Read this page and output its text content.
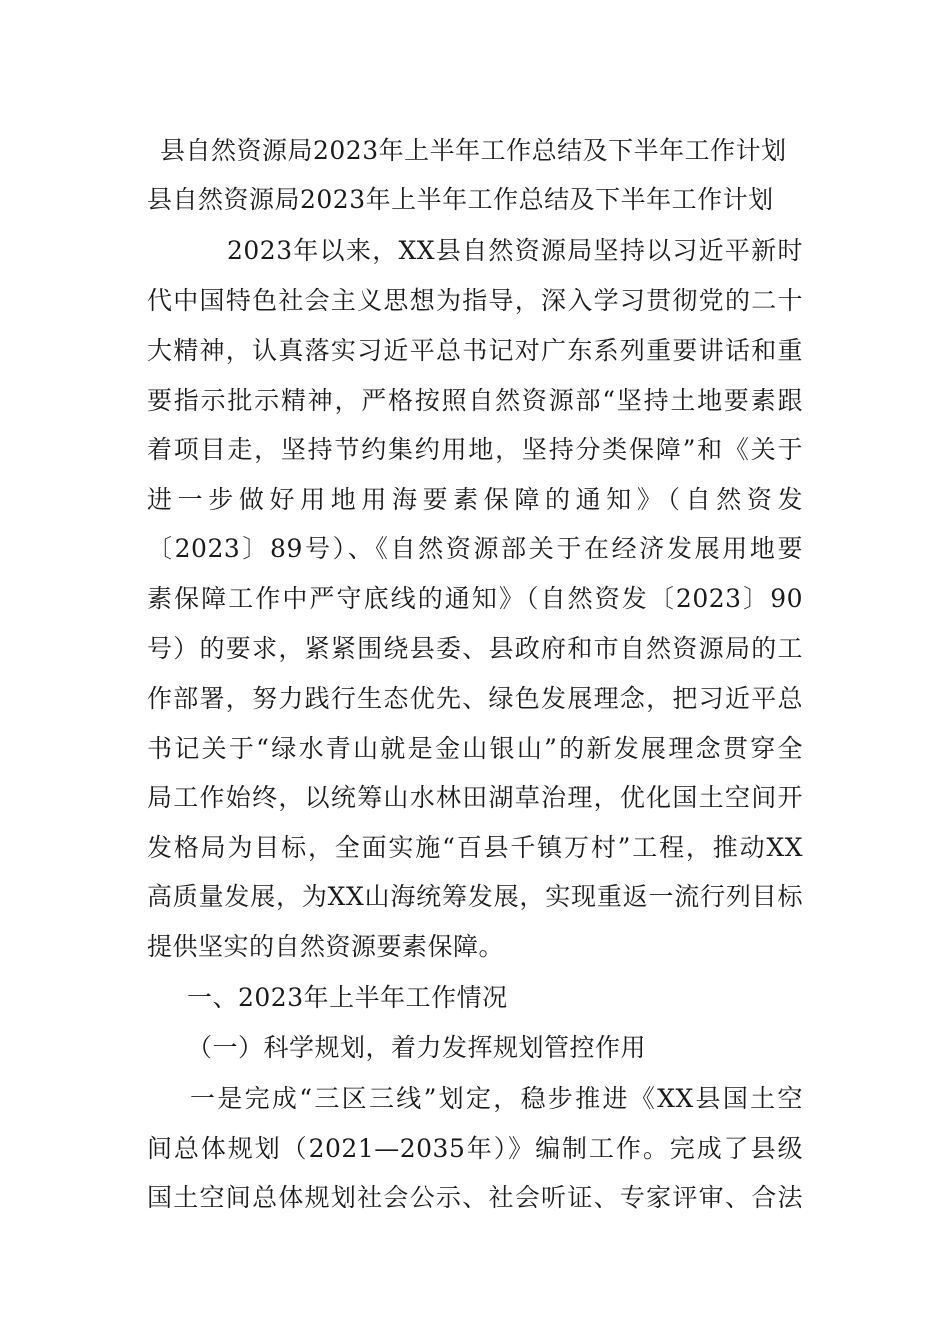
县自然资源局2023年上半年工作总结及下半年工作计划
县自然资源局2023年上半年工作总结及下半年工作计划
2023年以来，XX县自然资源局坚持以习近平新时
代中国特色社会主义思想为指导，深入学习贯彻党的二十
大精神，认真落实习近平总书记对广东系列重要讲话和重
要指示批示精神，严格按照自然资源部“坚持土地要素跟
着项目走，坚持节约集约用地，坚持分类保障”和《关于
进一步做好用地用海要素保障的通知》（自然资发
〔2023〕89号）、《自然资源部关于在经济发展用地要
素保障工作中严守底线的通知》（自然资发〔2023〕90
号）的要求，紧紧围绕县委、县政府和市自然资源局的工
作部署，努力践行生态优先、绿色发展理念，把习近平总
书记关于“绿水青山就是金山银山”的新发展理念贯穿全
局工作始终，以统筹山水林田湖草治理，优化国土空间开
发格局为目标，全面实施“百县千镇万村”工程，推动XX
高质量发展，为XX山海统筹发展，实现重返一流行列目标
提供坚实的自然资源要素保障。
一、2023年上半年工作情况
（一）科学规划，着力发挥规划管控作用
一是完成“三区三线”划定，稳步推进《XX县国土空
间总体规划（2021—2035年）》编制工作。完成了县级
国土空间总体规划社会公示、社会听证、专家评审、合法
